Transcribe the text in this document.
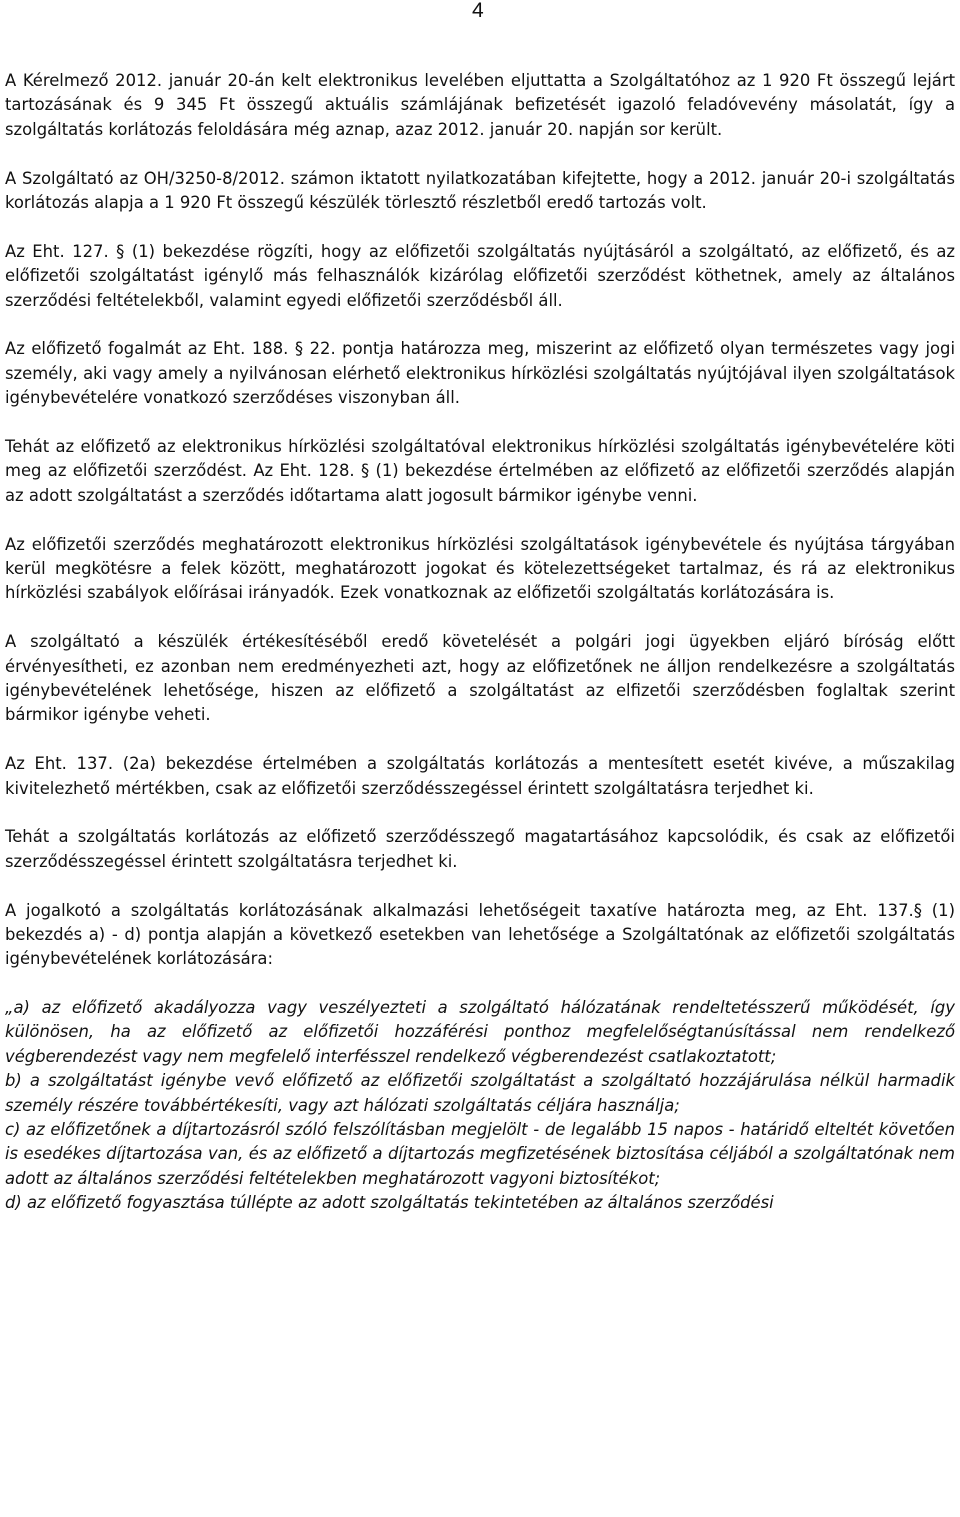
4

A Kérelmező 2012. január 20-án kelt elektronikus levelében eljuttatta a Szolgáltatóhoz az 1 920 Ft összegű lejárt tartozásának és 9 345 Ft összegű aktuális számlájának befizetését igazoló feladóvevény másolatát, így a szolgáltatás korlátozás feloldására még aznap, azaz 2012. január 20. napján sor került.

A Szolgáltató az OH/3250-8/2012. számon iktatott nyilatkozatában kifejtette, hogy a 2012. január 20-i szolgáltatás korlátozás alapja a 1 920 Ft összegű készülék törlesztő részletből eredő tartozás volt.

Az Eht. 127. § (1) bekezdése rögzíti, hogy az előfizetői szolgáltatás nyújtásáról a szolgáltató, az előfizető, és az előfizetői szolgáltatást igénylő más felhasználók kizárólag előfizetői szerződést köthetnek, amely az általános szerződési feltételekből, valamint egyedi előfizetői szerződésből áll.

Az előfizető fogalmát az Eht. 188. § 22. pontja határozza meg, miszerint az előfizető olyan természetes vagy jogi személy, aki vagy amely a nyilvánosan elérhető elektronikus hírközlési szolgáltatás nyújtójával ilyen szolgáltatások igénybevételére vonatkozó szerződéses viszonyban áll.

Tehát az előfizető az elektronikus hírközlési szolgáltatóval elektronikus hírközlési szolgáltatás igénybevételére köti meg az előfizetői szerződést. Az Eht. 128. § (1) bekezdése értelmében az előfizető az előfizetői szerződés alapján az adott szolgáltatást a szerződés időtartama alatt jogosult bármikor igénybe venni.

Az előfizetői szerződés meghatározott elektronikus hírközlési szolgáltatások igénybevétele és nyújtása tárgyában kerül megkötésre a felek között, meghatározott jogokat és kötelezettségeket tartalmaz, és rá az elektronikus hírközlési szabályok előírásai irányadók. Ezek vonatkoznak az előfizetői szolgáltatás korlátozására is.

A szolgáltató a készülék értékesítéséből eredő követelését a polgári jogi ügyekben eljáró bíróság előtt érvényesítheti, ez azonban nem eredményezheti azt, hogy az előfizetőnek ne álljon rendelkezésre a szolgáltatás igénybevételének lehetősége, hiszen az előfizető a szolgáltatást az elfizetői szerződésben foglaltak szerint bármikor igénybe veheti.

Az Eht. 137. (2a) bekezdése értelmében a szolgáltatás korlátozás a mentesített esetét kivéve, a műszakilag kivitelezhető mértékben, csak az előfizetői szerződésszegéssel érintett szolgáltatásra terjedhet ki.

Tehát a szolgáltatás korlátozás az előfizető szerződésszegő magatartásához kapcsolódik, és csak az előfizetői szerződésszegéssel érintett szolgáltatásra terjedhet ki.

A jogalkotó a szolgáltatás korlátozásának alkalmazási lehetőségeit taxatíve határozta meg, az Eht. 137.§ (1) bekezdés a) - d) pontja alapján a következő esetekben van lehetősége a Szolgáltatónak az előfizetői szolgáltatás igénybevételének korlátozására:

„a) az előfizető akadályozza vagy veszélyezteti a szolgáltató hálózatának rendeltetésszerű működését, így különösen, ha az előfizető az előfizetői hozzáférési ponthoz megfelelőségtanúsítással nem rendelkező végberendezést vagy nem megfelelő interfésszel rendelkező végberendezést csatlakoztatott;

b) a szolgáltatást igénybe vevő előfizető az előfizetői szolgáltatást a szolgáltató hozzájárulása nélkül harmadik személy részére továbbértékesíti, vagy azt hálózati szolgáltatás céljára használja;

c) az előfizetőnek a díjtartozásról szóló felszólításban megjelölt - de legalább 15 napos - határidő elteltét követően is esedékes díjtartozása van, és az előfizető a díjtartozás megfizetésének biztosítása céljából a szolgáltatónak nem adott az általános szerződési feltételekben meghatározott vagyoni biztosítékot;

d) az előfizető fogyasztása túllépte az adott szolgáltatás tekintetében az általános szerződési
